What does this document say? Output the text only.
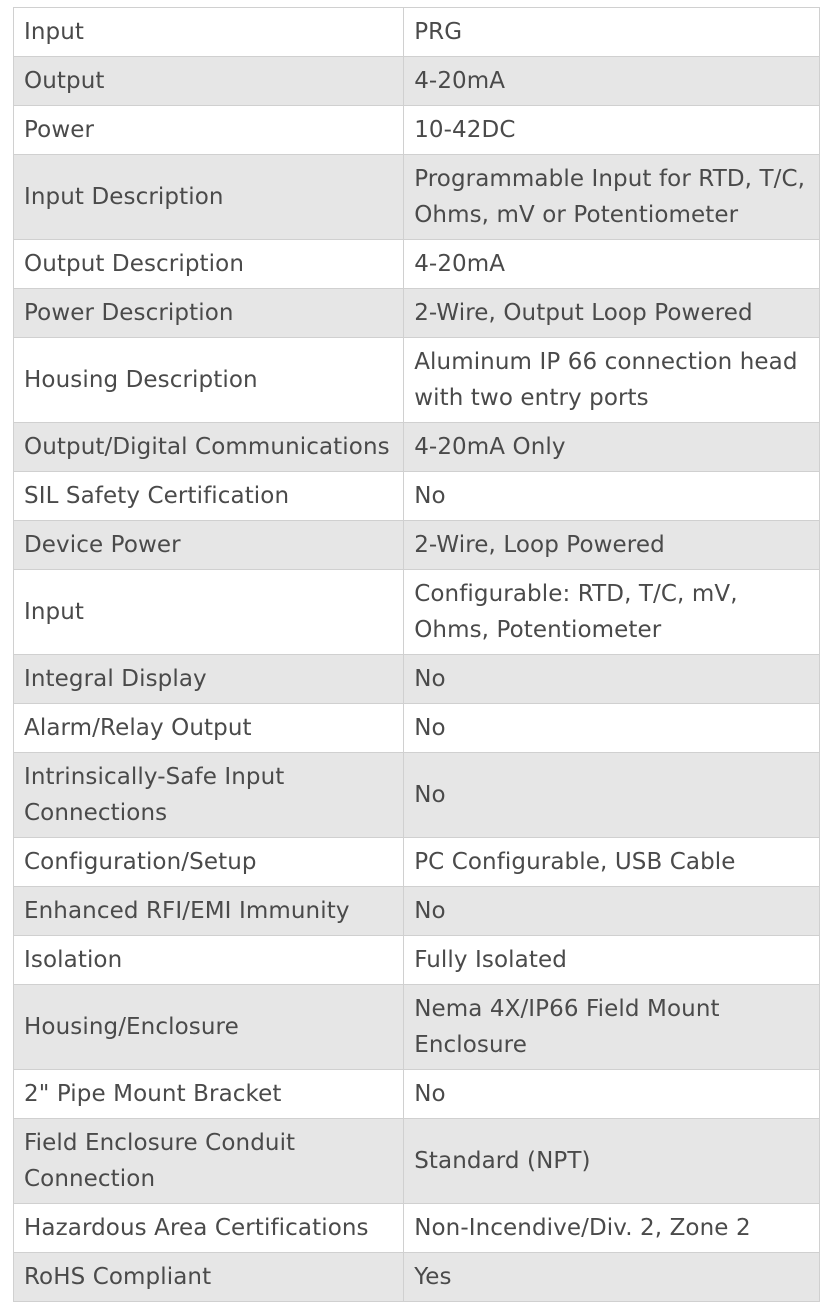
Input	PRG
Output	4-20mA
Power	10-42DC
Input Description	Programmable Input for RTD, T/C, Ohms, mV or Potentiometer
Output Description	4-20mA
Power Description	2-Wire, Output Loop Powered
Housing Description	Aluminum IP 66 connection head with two entry ports
Output/Digital Communications	4-20mA Only
SIL Safety Certification	No
Device Power	2-Wire, Loop Powered
Input	Configurable: RTD, T/C, mV, Ohms, Potentiometer
Integral Display	No
Alarm/Relay Output	No
Intrinsically-Safe Input Connections	No
Configuration/Setup	PC Configurable, USB Cable
Enhanced RFI/EMI Immunity	No
Isolation	Fully Isolated
Housing/Enclosure	Nema 4X/IP66 Field Mount Enclosure
2" Pipe Mount Bracket	No
Field Enclosure Conduit Connection	Standard (NPT)
Hazardous Area Certifications	Non-Incendive/Div. 2, Zone 2
RoHS Compliant	Yes
